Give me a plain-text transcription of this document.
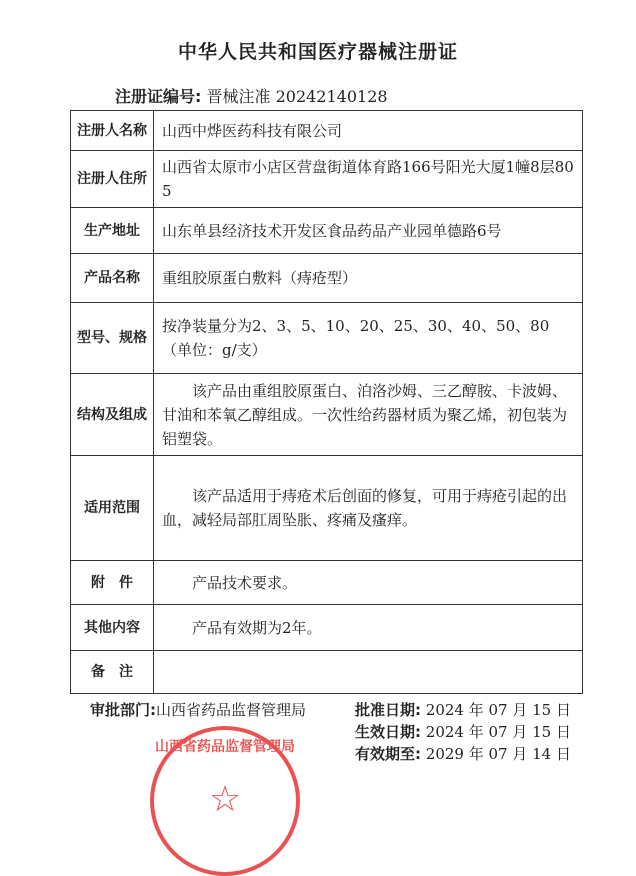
中华人民共和国医疗器械注册证
注册证编号: 晋械注准 20242140128
注册人名称	山西中烨医药科技有限公司
注册人住所	山西省太原市小店区营盘街道体育路166号阳光大厦1幢8层805
生产地址	山东单县经济技术开发区食品药品产业园单德路6号
产品名称	重组胶原蛋白敷料（痔疮型）
型号、规格	按净装量分为2、3、5、10、20、25、30、40、50、80（单位：g/支）
结构及组成	该产品由重组胶原蛋白、泊洛沙姆、三乙醇胺、卡波姆、甘油和苯氧乙醇组成。一次性给药器材质为聚乙烯，初包装为铝塑袋。
适用范围	该产品适用于痔疮术后创面的修复，可用于痔疮引起的出血，减轻局部肛周坠胀、疼痛及瘙痒。
附　件	产品技术要求。
其他内容	产品有效期为2年。
备　注	
审批部门:山西省药品监督管理局	批准日期: 2024 年 07 月 15 日
生效日期: 2024 年 07 月 15 日
有效期至: 2029 年 07 月 14 日
山西省药品监督管理局
☆
